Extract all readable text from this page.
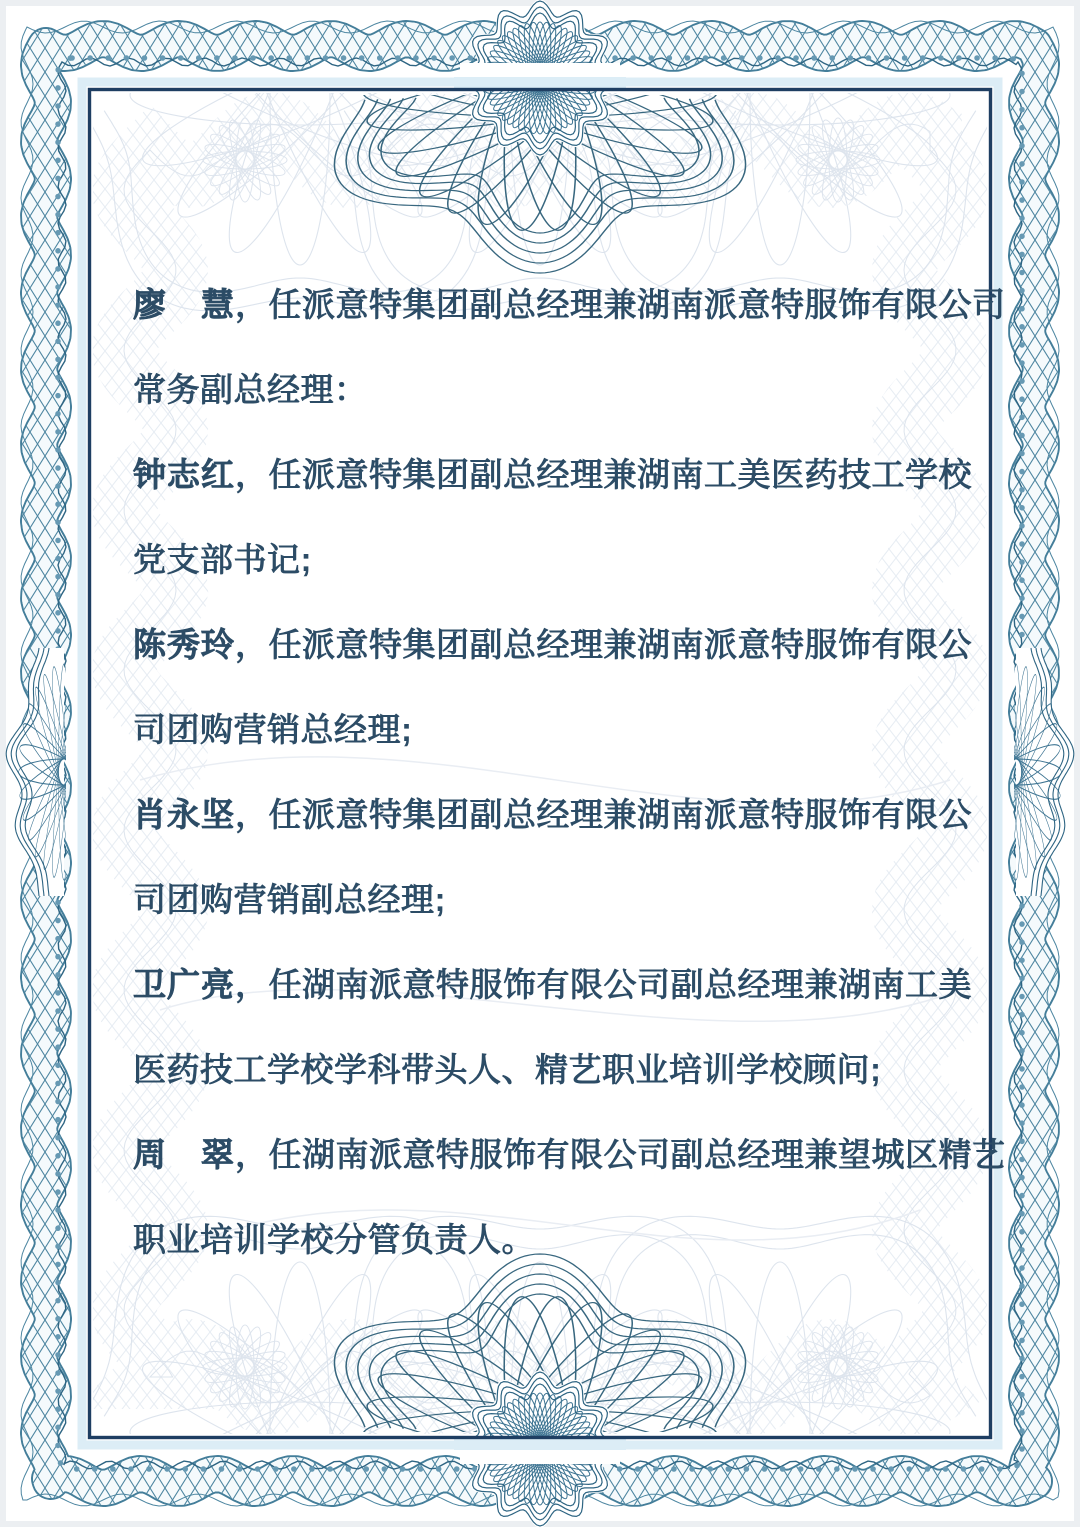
廖　慧，任派意特集团副总经理兼湖南派意特服饰有限公司
常务副总经理：
钟志红，任派意特集团副总经理兼湖南工美医药技工学校
党支部书记;
陈秀玲，任派意特集团副总经理兼湖南派意特服饰有限公
司团购营销总经理;
肖永坚，任派意特集团副总经理兼湖南派意特服饰有限公
司团购营销副总经理;
卫广亮，任湖南派意特服饰有限公司副总经理兼湖南工美
医药技工学校学科带头人、精艺职业培训学校顾问;
周　翠，任湖南派意特服饰有限公司副总经理兼望城区精艺
职业培训学校分管负责人。
